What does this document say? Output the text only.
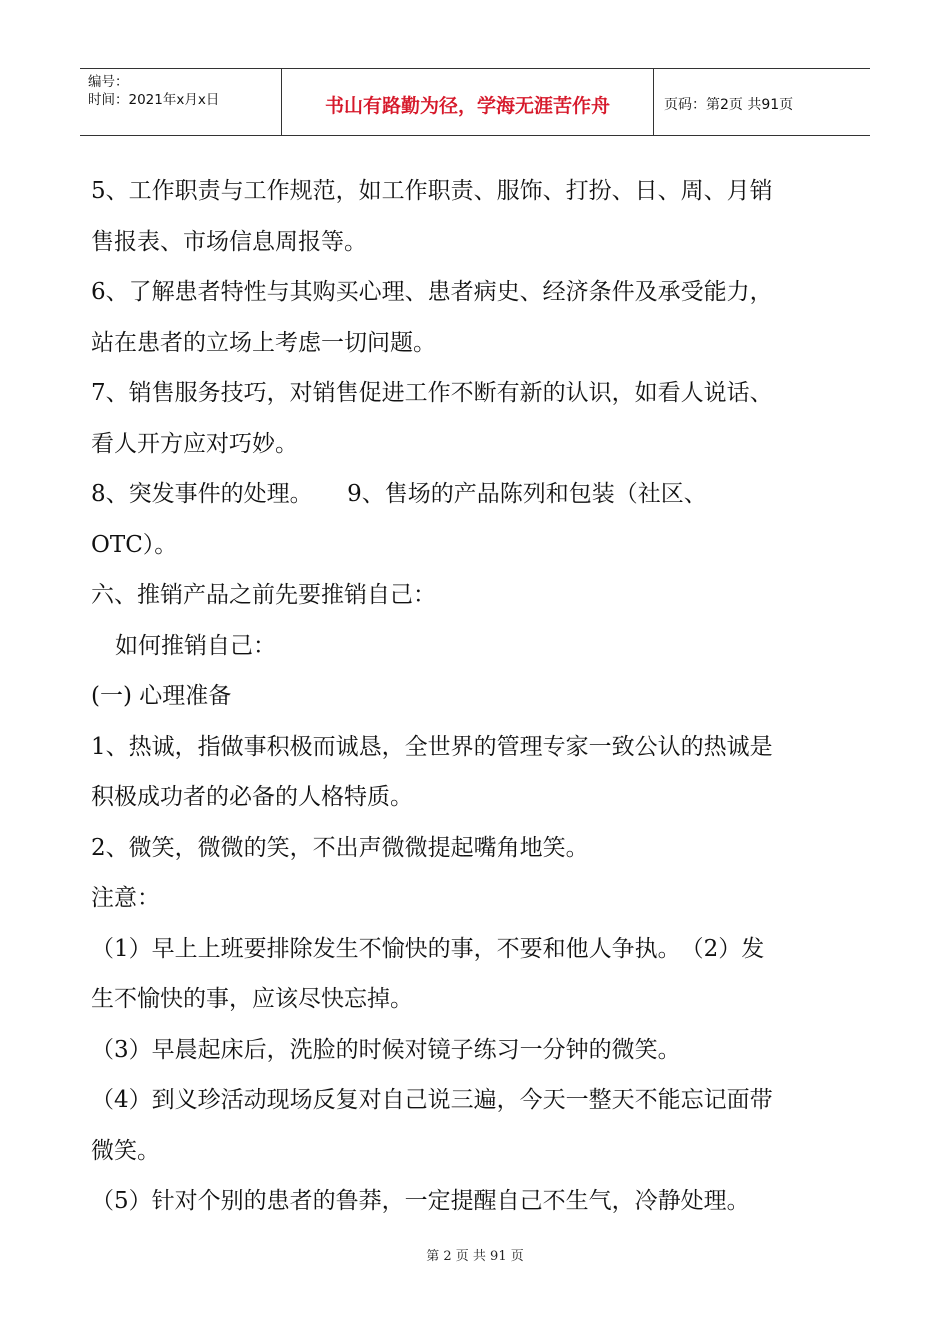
编号：
时间：2021年x月x日	书山有路勤为径，学海无涯苦作舟	页码：第2页 共91页
5、工作职责与工作规范，如工作职责、服饰、打扮、日、周、月销
售报表、市场信息周报等。
6、了解患者特性与其购买心理、患者病史、经济条件及承受能力，
站在患者的立场上考虑一切问题。
7、销售服务技巧，对销售促进工作不断有新的认识，如看人说话、
看人开方应对巧妙。
8、突发事件的处理。　　9、售场的产品陈列和包装（社区、
OTC）。
六、推销产品之前先要推销自己：
如何推销自己：
(一) 心理准备
1、热诚，指做事积极而诚恳，全世界的管理专家一致公认的热诚是
积极成功者的必备的人格特质。
2、微笑，微微的笑，不出声微微提起嘴角地笑。
注意：
（1）早上上班要排除发生不愉快的事，不要和他人争执。　（2）发
生不愉快的事，应该尽快忘掉。
（3）早晨起床后，洗脸的时候对镜子练习一分钟的微笑。
（4）到义珍活动现场反复对自己说三遍，今天一整天不能忘记面带
微笑。
（5）针对个别的患者的鲁莽，一定提醒自己不生气，冷静处理。
第 2 页 共 91 页
